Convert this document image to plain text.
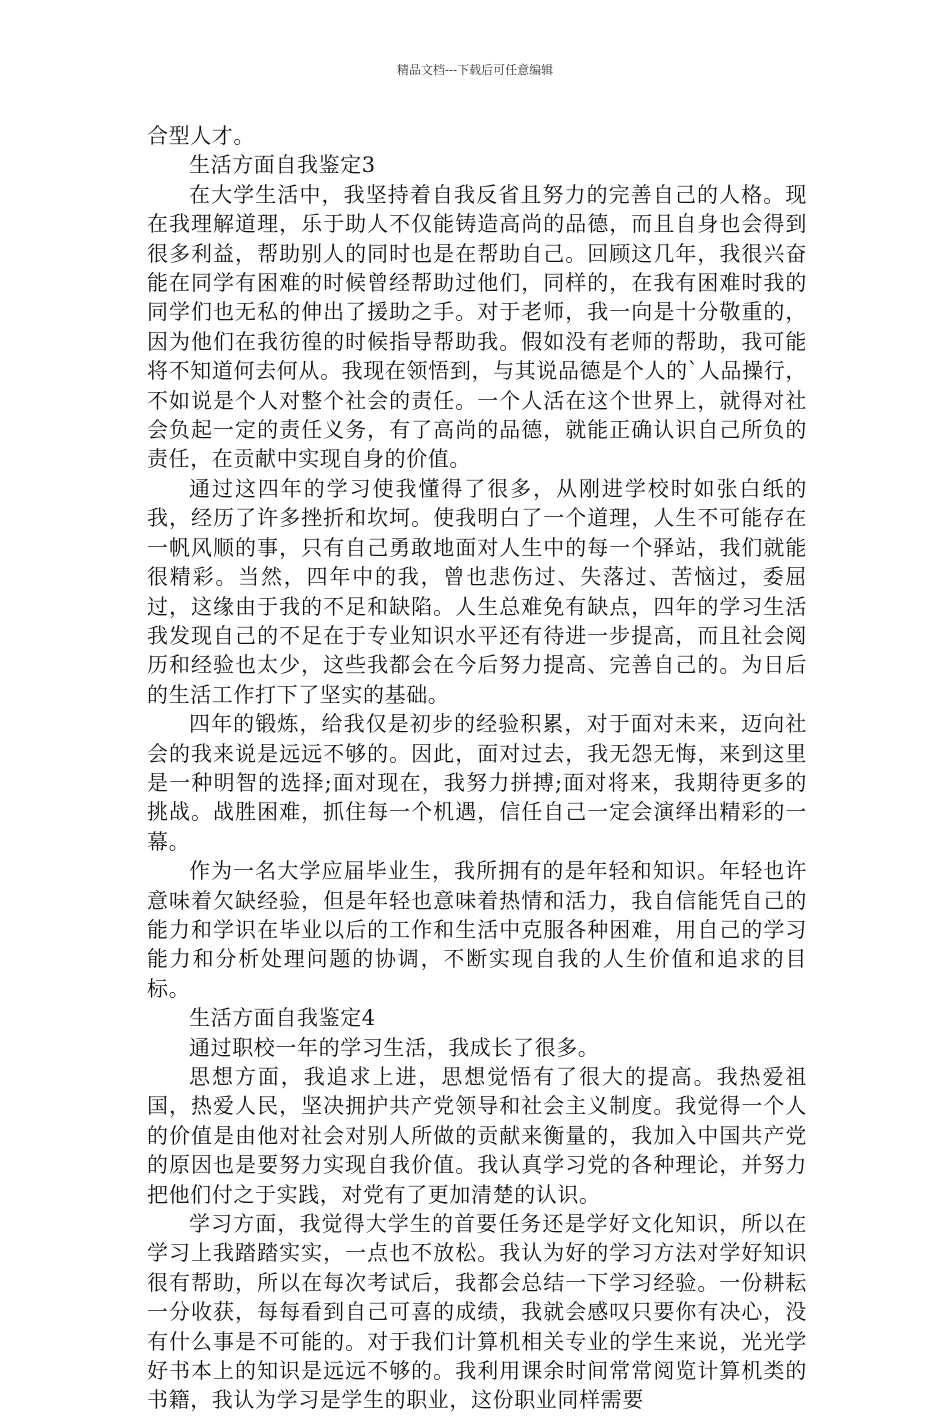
精品文档---下载后可任意编辑

合型人才。

生活方面自我鉴定3

在大学生活中，我坚持着自我反省且努力的完善自己的人格。现在我理解道理，乐于助人不仅能铸造高尚的品德，而且自身也会得到很多利益，帮助别人的同时也是在帮助自己。回顾这几年，我很兴奋能在同学有困难的时候曾经帮助过他们，同样的，在我有困难时我的同学们也无私的伸出了援助之手。对于老师，我一向是十分敬重的，因为他们在我彷徨的时候指导帮助我。假如没有老师的帮助，我可能将不知道何去何从。我现在领悟到，与其说品德是个人的`人品操行，不如说是个人对整个社会的责任。一个人活在这个世界上，就得对社会负起一定的责任义务，有了高尚的品德，就能正确认识自己所负的责任，在贡献中实现自身的价值。

通过这四年的学习使我懂得了很多，从刚进学校时如张白纸的我，经历了许多挫折和坎坷。使我明白了一个道理，人生不可能存在一帆风顺的事，只有自己勇敢地面对人生中的每一个驿站，我们就能很精彩。当然，四年中的我，曾也悲伤过、失落过、苦恼过，委屈过，这缘由于我的不足和缺陷。人生总难免有缺点，四年的学习生活我发现自己的不足在于专业知识水平还有待进一步提高，而且社会阅历和经验也太少，这些我都会在今后努力提高、完善自己的。为日后的生活工作打下了坚实的基础。

四年的锻炼，给我仅是初步的经验积累，对于面对未来，迈向社会的我来说是远远不够的。因此，面对过去，我无怨无悔，来到这里是一种明智的选择;面对现在，我努力拼搏;面对将来，我期待更多的挑战。战胜困难，抓住每一个机遇，信任自己一定会演绎出精彩的一幕。

作为一名大学应届毕业生，我所拥有的是年轻和知识。年轻也许意味着欠缺经验，但是年轻也意味着热情和活力，我自信能凭自己的能力和学识在毕业以后的工作和生活中克服各种困难，用自己的学习能力和分析处理问题的协调，不断实现自我的人生价值和追求的目标。

生活方面自我鉴定4

通过职校一年的学习生活，我成长了很多。

思想方面，我追求上进，思想觉悟有了很大的提高。我热爱祖国，热爱人民，坚决拥护共产党领导和社会主义制度。我觉得一个人的价值是由他对社会对别人所做的贡献来衡量的，我加入中国共产党的原因也是要努力实现自我价值。我认真学习党的各种理论，并努力把他们付之于实践，对党有了更加清楚的认识。

学习方面，我觉得大学生的首要任务还是学好文化知识，所以在学习上我踏踏实实，一点也不放松。我认为好的学习方法对学好知识很有帮助，所以在每次考试后，我都会总结一下学习经验。一份耕耘一分收获，每每看到自己可喜的成绩，我就会感叹只要你有决心，没有什么事是不可能的。对于我们计算机相关专业的学生来说，光光学好书本上的知识是远远不够的。我利用课余时间常常阅览计算机类的书籍，我认为学习是学生的职业，这份职业同样需要
